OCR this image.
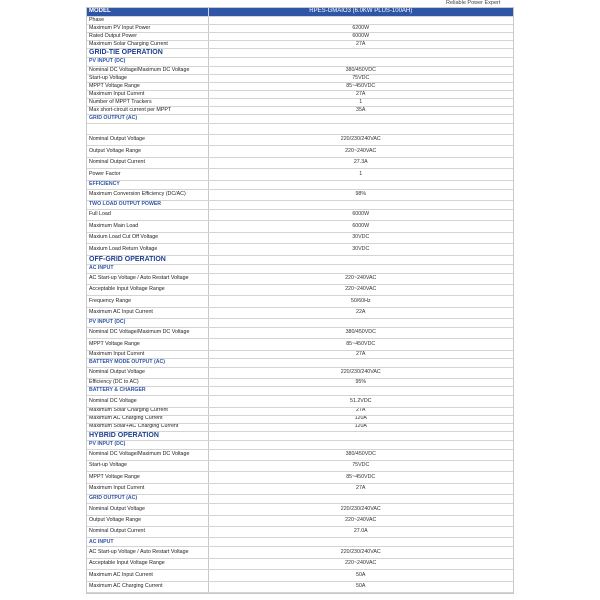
Reliable Power Expert
MODEL	RPES-GMAIO3 (6.0KW PLUS-100AH)
Phase	
Maximum PV Input Power	6200W
Rated Output Power	6000W
Maximum Solar Charging Current	27A
GRID-TIE OPERATION	
PV INPUT (DC)	
Nominal DC Voltage/Maximum DC Voltage	380/450VDC
Start-up Voltage	75VDC
MPPT Voltage Range	85~450VDC
Maximum Input Current	27A
Number of MPPT Trackers	1
Max short-circuit current per MPPT	35A
GRID OUTPUT (AC)	

Nominal Output Voltage	220/230/240VAC
Output Voltage Range	220~240VAC
Nominal Output Current	27.3A
Power Factor	1
EFFICIENCY	
Maximum Conversion Efficiency (DC/AC)	98%
TWO LOAD OUTPUT POWER	
Full Load	6000W
Maximum Main Load	6000W
Maxium Load Cut Off Voltage	30VDC
Maxium Load Return Voltage	30VDC
OFF-GRID OPERATION	
AC INPUT	
AC Start-up Voltage / Auto Restart Voltage	220~240VAC
Acceptable Input Voltage Range	220~240VAC
Frequency Range	50/60Hz
Maximum AC Input Current	22A
PV INPUT (DC)	
Nominal DC Voltage/Maximum DC Voltage	380/450VDC
MPPT Voltage Range	85~450VDC
Maximum Input Current	27A
BATTERY MODE OUTPUT (AC)	
Nominal Output Voltage	220/230/240VAC
Efficiency (DC to AC)	95%
BATTERY & CHARGER	
Nominal DC Voltage	51.2VDC
Maximum Solar Charging Current	27A
Maximum AC Charging Current	120A
Maximum Solar+AC Charging Current	120A
HYBRID OPERATION	
PV INPUT (DC)	
Nominal DC Voltage/Maximum DC Voltage	380/450VDC
Start-up Voltage	75VDC
MPPT Voltage Range	85~450VDC
Maximum Input Current	27A
GRID OUTPUT (AC)	
Nominal Output Voltage	220/230/240VAC
Output Voltage Range	220~240VAC
Nominal Output Current	27.0A
AC INPUT	
AC Start-up Voltage / Auto Restart Voltage	220/230/240VAC
Acceptable Input Voltage Range	220~240VAC
Maximum AC Input Current	50A
Maximum AC Charging Current	50A
